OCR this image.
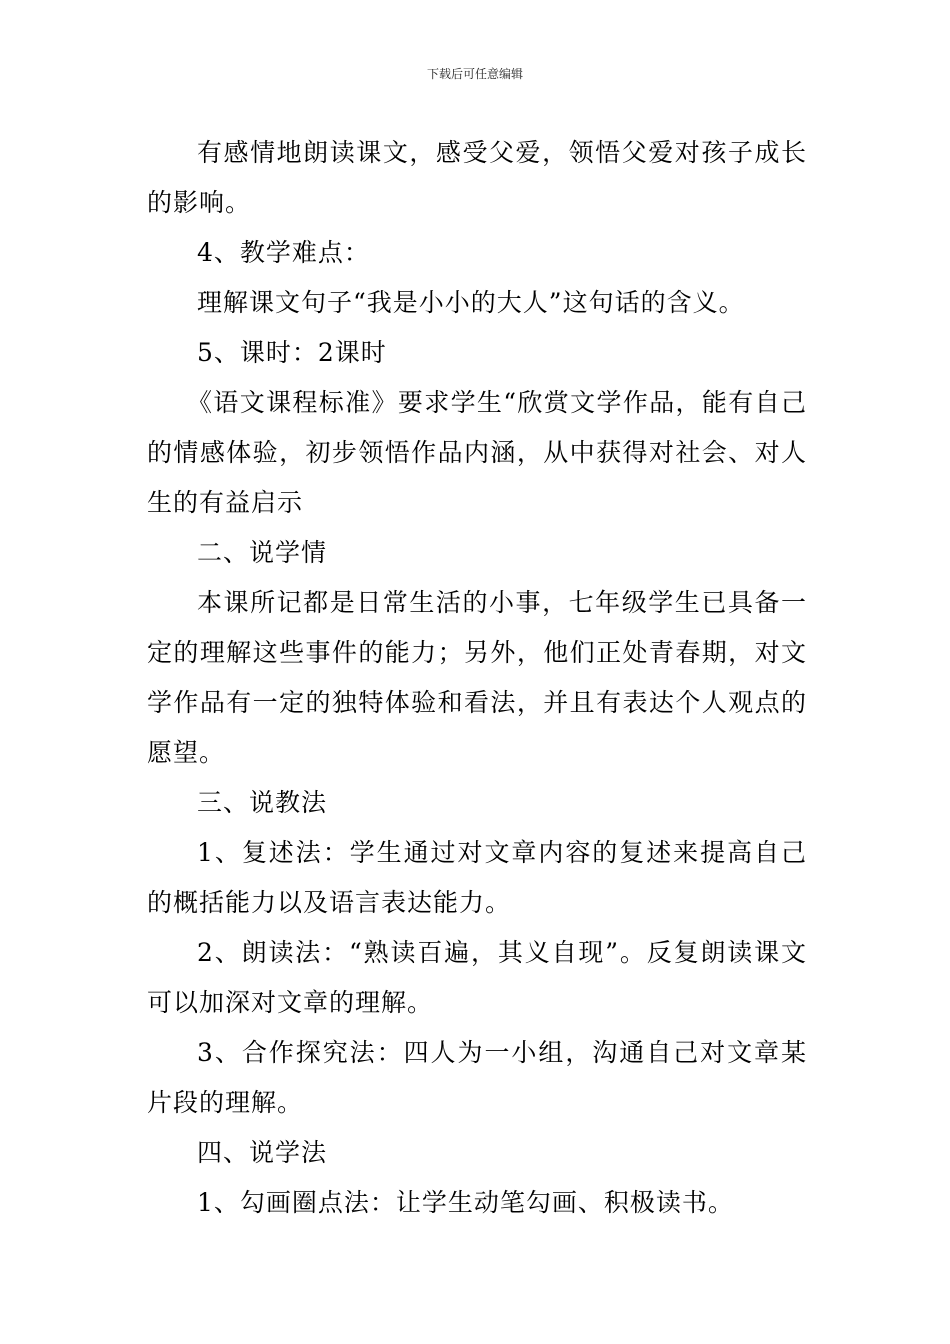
下载后可任意编辑

有感情地朗读课文，感受父爱，领悟父爱对孩子成长的影响。

4、教学难点：

理解课文句子“我是小小的大人”这句话的含义。

5、课时：2课时

《语文课程标准》要求学生“欣赏文学作品，能有自己的情感体验，初步领悟作品内涵，从中获得对社会、对人生的有益启示

二、说学情

本课所记都是日常生活的小事，七年级学生已具备一定的理解这些事件的能力；另外，他们正处青春期，对文学作品有一定的独特体验和看法，并且有表达个人观点的愿望。

三、说教法

1、复述法：学生通过对文章内容的复述来提高自己的概括能力以及语言表达能力。

2、朗读法：“熟读百遍，其义自现”。反复朗读课文可以加深对文章的理解。

3、合作探究法：四人为一小组，沟通自己对文章某片段的理解。

四、说学法

1、勾画圈点法：让学生动笔勾画、积极读书。
